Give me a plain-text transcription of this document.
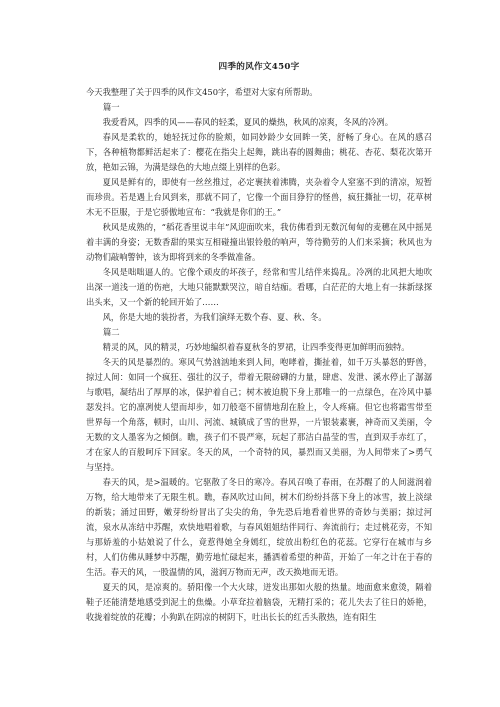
四季的风作文450字

今天我整理了关于四季的风作文450字，希望对大家有所帮助。

篇一

我爱看风，四季的风——春风的轻柔，夏风的燥热，秋风的凉爽，冬风的冷冽。

春风是柔软的，她轻抚过你的脸颊，如同妙龄少女回眸一笑，舒畅了身心。在风的感召下，各种植物都鲜活起来了：樱花在指尖上起舞，跳出春的圆舞曲；桃花、杏花、梨花次第开放，艳如云锦，为满是绿色的大地点缀上别样的色彩。

夏风是鲜有的，即使有一丝丝推过，必定裹挟着沸腾，夹杂着令人窒塞不到的清凉，短暂而珍贵。若是遇上台风到来，那就不同了，它像一个面目狰狞的怪兽，疯狂撕扯一切，花草树木无不臣服，于是它骄傲地宣布：“我就是你们的王。”

秋风是成熟的，“稻花香里说丰年”风迎面吹来，我仿佛看到无数沉甸甸的麦穗在风中摇晃着丰满的身姿；无数香甜的果实互相碰撞出银铃般的响声，等待勤劳的人们来采摘；秋风也为动物们敲响警钟，该为即将到来的冬季做准备。

冬风是咄咄逼人的。它像个顽皮的坏孩子，经常和雪儿结伴来捣乱。冷冽的北风把大地吹出深一道浅一道的伤疤，大地只能默默哭泣，暗自结痂。看哪，白茫茫的大地上有一抹新绿探出头来，又一个新的轮回开始了……

风，你是大地的装扮者，为我们演绎无数个春、夏、秋、冬。

篇二

精灵的风，风的精灵，巧妙地编织着春夏秋冬的罗裙，让四季变得更加鲜明而独特。

冬天的风是暴烈的。寒风气势汹汹地来到人间，咆哮着，撕扯着，如千万头暴怒的野兽，掠过人间：如同一个疯狂、强壮的汉子，带着无限磅礴的力量，肆虐、发泄、溪水停止了潺潺与歌唱，凝结出了厚厚的冰，保护着自己；树木被迫脱下身上那唯一的一点绿色，在冷风中暴瑟发抖。它的凛冽使人望而却步，如刀般毫不留情地刮在脸上，令人疼痛。但它也将霜雪带至世界每一个角落，顿时，山川、河流、城镇成了雪的世界，一片银装素裹，神奇而又美丽，令无数的文人墨客为之倾倒。瞧，孩子们不畏严寒，玩起了那洁白晶莹的雪，直到双手赤红了，才在家人的百般呵斥下回家。冬天的风，一个奇特的风，暴烈而又美丽，为人间带来了>勇气与坚持。

春天的风，是>温暖的。它驱散了冬日的寒冷。春风召唤了春雨，在苏醒了的人间滋润着万物，给大地带来了无限生机。瞧，春风吹过山间，树木们纷纷抖落下身上的冰雪，披上淡绿的新装；涌过田野，嫩芽纷纷冒出了尖尖的角，争先恐后地看着世界的奇妙与美丽；掠过河流，泉水从冻结中苏醒，欢快地唱着歌，与春风姐姐结伴同行、奔流前行；走过桃花旁，不知与那娇羞的小姑娘说了什么，竟惹得她全身嫣红，绽放出粉红色的花蕊。它穿行在城市与乡村，人们仿佛从睡梦中苏醒，勤劳地忙碌起来，播洒着希望的种苗，开始了一年之计在于春的生活。春天的风，一股温情的风，滋润万物而无声，改天换地而无语。

夏天的风，是凉爽的。骄阳像一个大火球，迸发出那如火般的热量。地面愈来愈烫，隔着鞋子还能清楚地感受到泥土的焦燥。小草耷拉着脑袋，无精打采的；花儿失去了往日的娇艳，收拢着绽放的花瓣；小狗趴在阴凉的树阴下，吐出长长的红舌头散热，连有阳生
